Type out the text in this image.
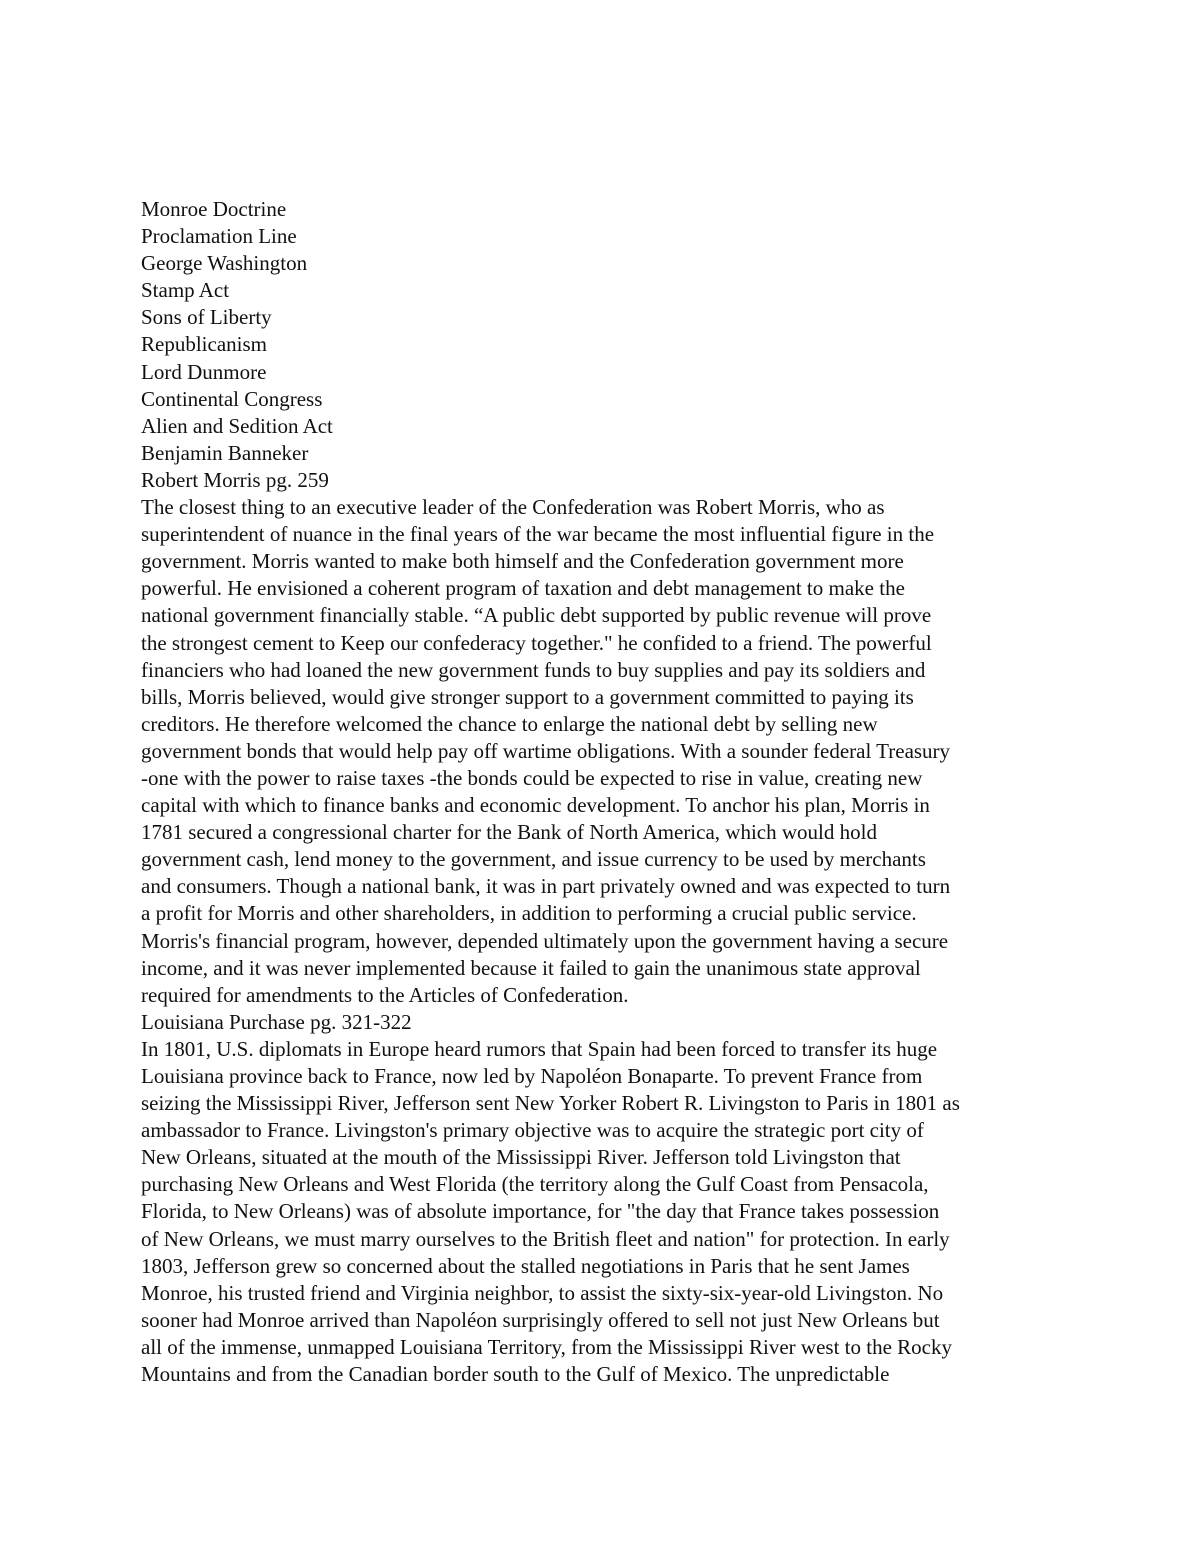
Monroe Doctrine
Proclamation Line
George Washington
Stamp Act
Sons of Liberty
Republicanism
Lord Dunmore
Continental Congress
Alien and Sedition Act
Benjamin Banneker
Robert Morris pg. 259
The closest thing to an executive leader of the Confederation was Robert Morris, who as
superintendent of nuance in the final years of the war became the most influential figure in the
government. Morris wanted to make both himself and the Confederation government more
powerful. He envisioned a coherent program of taxation and debt management to make the
national government financially stable. “A public debt supported by public revenue will prove
the strongest cement to Keep our confederacy together." he confided to a friend. The powerful
financiers who had loaned the new government funds to buy supplies and pay its soldiers and
bills, Morris believed, would give stronger support to a government committed to paying its
creditors. He therefore welcomed the chance to enlarge the national debt by selling new
government bonds that would help pay off wartime obligations. With a sounder federal Treasury
-one with the power to raise taxes -the bonds could be expected to rise in value, creating new
capital with which to finance banks and economic development. To anchor his plan, Morris in
1781 secured a congressional charter for the Bank of North America, which would hold
government cash, lend money to the government, and issue currency to be used by merchants
and consumers. Though a national bank, it was in part privately owned and was expected to turn
a profit for Morris and other shareholders, in addition to performing a crucial public service.
Morris's financial program, however, depended ultimately upon the government having a secure
income, and it was never implemented because it failed to gain the unanimous state approval
required for amendments to the Articles of Confederation.
Louisiana Purchase pg. 321-322
In 1801, U.S. diplomats in Europe heard rumors that Spain had been forced to transfer its huge
Louisiana province back to France, now led by Napoléon Bonaparte. To prevent France from
seizing the Mississippi River, Jefferson sent New Yorker Robert R. Livingston to Paris in 1801 as
ambassador to France. Livingston's primary objective was to acquire the strategic port city of
New Orleans, situated at the mouth of the Mississippi River. Jefferson told Livingston that
purchasing New Orleans and West Florida (the territory along the Gulf Coast from Pensacola,
Florida, to New Orleans) was of absolute importance, for "the day that France takes possession
of New Orleans, we must marry ourselves to the British fleet and nation" for protection. In early
1803, Jefferson grew so concerned about the stalled negotiations in Paris that he sent James
Monroe, his trusted friend and Virginia neighbor, to assist the sixty-six-year-old Livingston. No
sooner had Monroe arrived than Napoléon surprisingly offered to sell not just New Orleans but
all of the immense, unmapped Louisiana Territory, from the Mississippi River west to the Rocky
Mountains and from the Canadian border south to the Gulf of Mexico. The unpredictable
